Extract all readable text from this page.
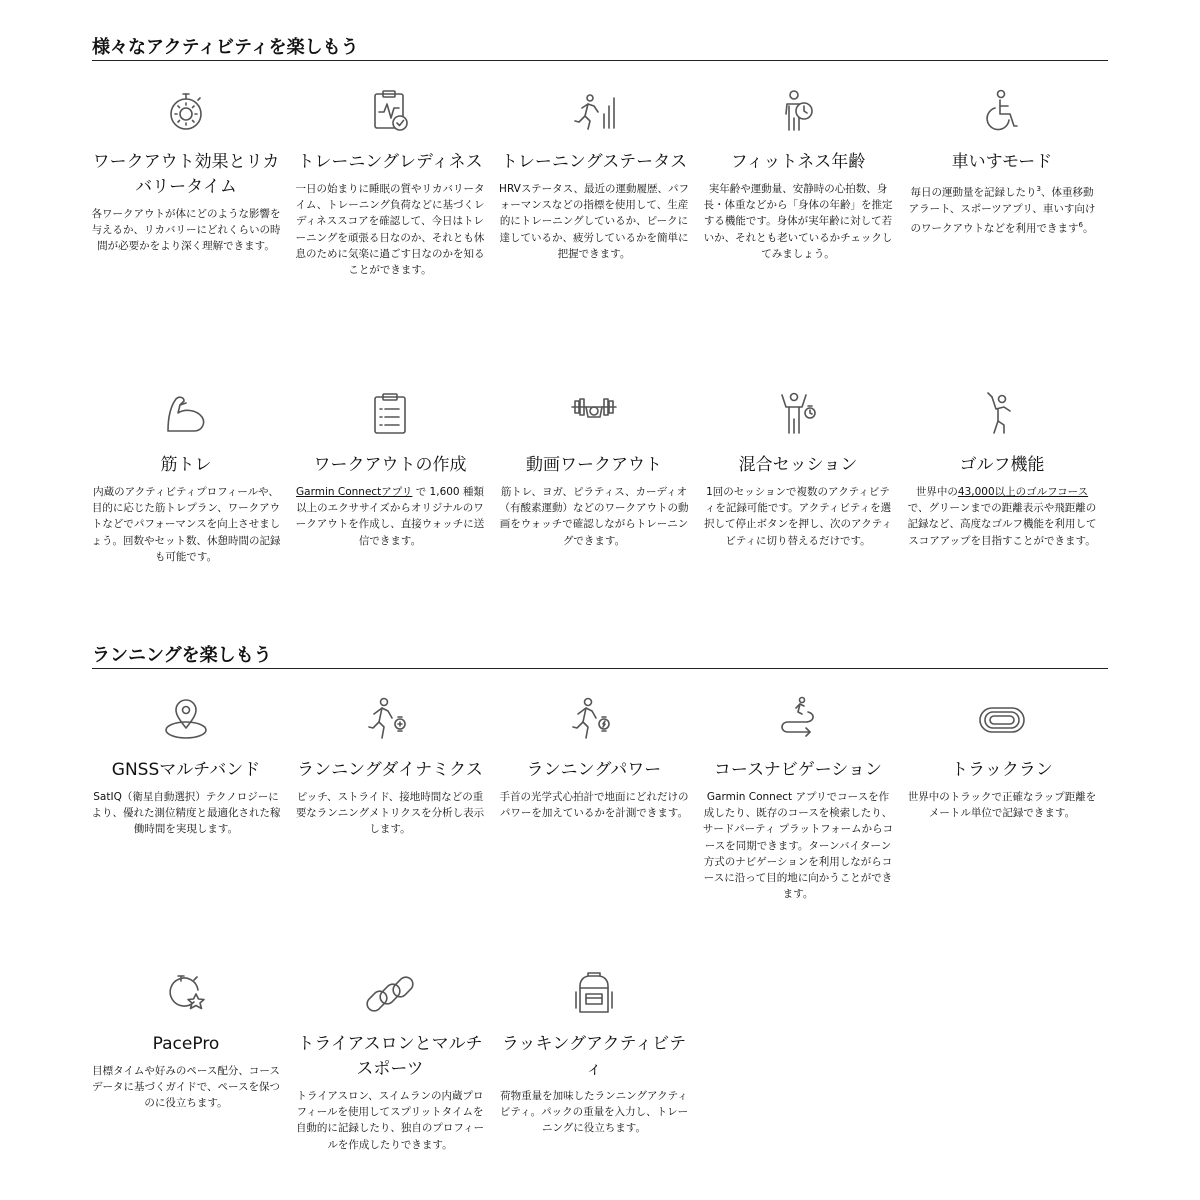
様々なアクティビティを楽しもう
ワークアウト効果とリカバリータイム
各ワークアウトが体にどのような影響を与えるか、リカバリーにどれくらいの時間が必要かをより深く理解できます。
トレーニングレディネス
一日の始まりに睡眠の質やリカバリータイム、トレーニング負荷などに基づくレディネススコアを確認して、今日はトレーニングを頑張る日なのか、それとも休息のために気楽に過ごす日なのかを知ることができます。
トレーニングステータス
HRVステータス、最近の運動履歴、パフォーマンスなどの指標を使用して、生産的にトレーニングしているか、ピークに達しているか、疲労しているかを簡単に把握できます。
フィットネス年齢
実年齢や運動量、安静時の心拍数、身長・体重などから「身体の年齢」を推定する機能です。身体が実年齢に対して若いか、それとも老いているかチェックしてみましょう。
車いすモード
毎日の運動量を記録したり$^3$、体重移動アラート、スポーツアプリ、車いす向けのワークアウトなどを利用できます$^6$。
筋トレ
内蔵のアクティビティプロフィールや、目的に応じた筋トレプラン、ワークアウトなどでパフォーマンスを向上させましょう。回数やセット数、休憩時間の記録も可能です。
ワークアウトの作成
Garmin Connectアプリ で 1,600 種類以上のエクササイズからオリジナルのワークアウトを作成し、直接ウォッチに送信できます。
動画ワークアウト
筋トレ、ヨガ、ピラティス、カーディオ（有酸素運動）などのワークアウトの動画をウォッチで確認しながらトレーニングできます。
混合セッション
1回のセッションで複数のアクティビティを記録可能です。アクティビティを選択して停止ボタンを押し、次のアクティビティに切り替えるだけです。
ゴルフ機能
世界中の43,000以上のゴルフコースで、グリーンまでの距離表示や飛距離の記録など、高度なゴルフ機能を利用してスコアアップを目指すことができます。
ランニングを楽しもう
GNSSマルチバンド
SatIQ（衛星自動選択）テクノロジーにより、優れた測位精度と最適化された稼働時間を実現します。
ランニングダイナミクス
ピッチ、ストライド、接地時間などの重要なランニングメトリクスを分析し表示します。
ランニングパワー
手首の光学式心拍計で地面にどれだけのパワーを加えているかを計測できます。
コースナビゲーション
Garmin Connect アプリでコースを作成したり、既存のコースを検索したり、サードパーティ プラットフォームからコースを同期できます。ターンバイターン方式のナビゲーションを利用しながらコースに沿って目的地に向かうことができます。
トラックラン
世界中のトラックで正確なラップ距離をメートル単位で記録できます。
PacePro
目標タイムや好みのペース配分、コースデータに基づくガイドで、ペースを保つのに役立ちます。
トライアスロンとマルチスポーツ
トライアスロン、スイムランの内蔵プロフィールを使用してスプリットタイムを自動的に記録したり、独自のプロフィールを作成したりできます。
ラッキングアクティビティ
荷物重量を加味したランニングアクティビティ。パックの重量を入力し、トレーニングに役立ちます。
